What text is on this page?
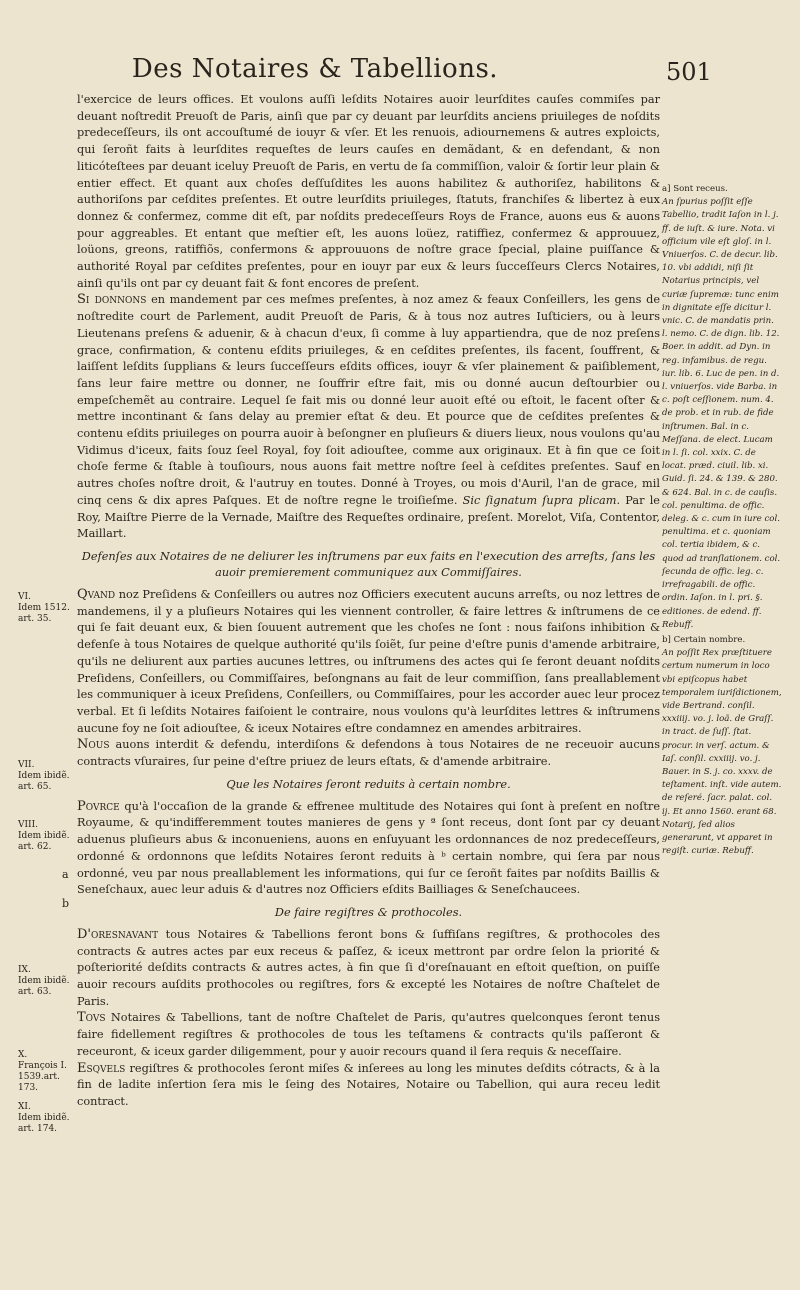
Des Notaires & Tabellions.	501

l'exercice de leurs offices. Et voulons auſſi leſdits Notaires auoir leurſdites cauſes commiſes par deuant noſtredit Preuoſt de Paris, ainſi que par cy deuant par leurſdits anciens priuileges de noſdits predeceſſeurs, ils ont accouſtumé de iouyr & vſer. Et les renuois, adiournemens & autres exploicts, qui ſeroñt faits à leurſdites requeſtes de leurs cauſes en demãdant, & en defendant, & non liticóteſtees par deuant iceluy Preuoſt de Paris, en vertu de ſa commiſſion, valoir & ſortir leur plain & entier effect. Et quant aux choſes deſſuſdites les auons habilitez & authoriſez, habilitons & authoriſons par ceſdites preſentes. Et outre leurſdits priuileges, ſtatuts, franchiſes & libertez à eux donnez & confermez, comme dit eſt, par noſdits predeceſſeurs Roys de France, auons eus & auons pour aggreables. Et entant que meſtier eſt, les auons loüez, ratiffiez, confermez & approuuez, loüons, greons, ratiffiõs, confermons & approuuons de noſtre grace ſpecial, plaine puiſſance & authorité Royal par ceſdites preſentes, pour en iouyr par eux & leurs ſucceſſeurs Clercs Notaires, ainſi qu'ils ont par cy deuant fait & font encores de preſent.

Si donnons en mandement par ces meſmes preſentes, à noz amez & feaux Conſeillers, les gens de noſtredite court de Parlement, audit Preuoſt de Paris, & à tous noz autres Iuſticiers, ou à leurs Lieutenans preſens & aduenir, & à chacun d'eux, ſi comme à luy appartiendra, que de noz preſens grace, confirmation, & contenu eſdits priuileges, & en ceſdites preſentes, ils facent, ſouffrent, & laiſſent leſdits ſupplians & leurs ſucceſſeurs eſdits offices, iouyr & vſer plainement & paiſiblement, ſans leur faire mettre ou donner, ne ſouffrir eſtre fait, mis ou donné aucun deſtourbier ou empeſchemẽt au contraire. Lequel ſe fait mis ou donné leur auoit eſté ou eſtoit, le facent oſter & mettre incontinant & ſans delay au premier eſtat & deu. Et pource que de ceſdites preſentes & contenu eſdits priuileges on pourra auoir à beſongner en pluſieurs & diuers lieux, nous voulons qu'au Vidimus d'iceux, faits ſouz ſeel Royal, foy ſoit adiouſtee, comme aux originaux. Et à fin que ce ſoit choſe ferme & ſtable à touſiours, nous auons fait mettre noſtre ſeel à ceſdites preſentes. Sauf en autres choſes noſtre droit, & l'autruy en toutes. Donné à Troyes, ou mois d'Auril, l'an de grace, mil cinq cens & dix apres Paſques. Et de noſtre regne le troiſieſme. Sic ſignatum ſupra plicam. Par le Roy, Maiſtre Pierre de la Vernade, Maiſtre des Requeſtes ordinaire, preſent. Morelot, Viſa, Contentor, Maillart.

Defenſes aux Notaires de ne deliurer les inſtrumens par eux faits en l'execution des arreſts, ſans les auoir premierement communiquez aux Commiſſaires.

Qvand noz Preſidens & Conſeillers ou autres noz Officiers executent aucuns arreſts, ou noz lettres de mandemens, il y a pluſieurs Notaires qui les viennent controller, & faire lettres & inſtrumens de ce qui ſe fait deuant eux, & bien ſouuent autrement que les choſes ne ſont : nous faiſons inhibition & defenſe à tous Notaires de quelque authorité qu'ils ſoiẽt, ſur peine d'eſtre punis d'amende arbitraire, qu'ils ne deliurent aux parties aucunes lettres, ou inſtrumens des actes qui ſe feront deuant noſdits Preſidens, Conſeillers, ou Commiſſaires, beſongnans au fait de leur commiſſion, ſans preallablement les communiquer à iceux Preſidens, Conſeillers, ou Commiſſaires, pour les accorder auec leur procez verbal. Et ſi leſdits Notaires faiſoient le contraire, nous voulons qu'à leurſdites lettres & inſtrumens aucune foy ne ſoit adiouſtee, & iceux Notaires eſtre condamnez en amendes arbitraires.

Nous auons interdit & defendu, interdiſons & defendons à tous Notaires de ne receuoir aucuns contracts vſuraires, ſur peine d'eſtre priuez de leurs eſtats, & d'amende arbitraire.

Que les Notaires ſeront reduits à certain nombre.

Povrce qu'à l'occaſion de la grande & effrenee multitude des Notaires qui ſont à preſent en noſtre Royaume, & qu'indifferemment toutes manieres de gens y ª ſont receus, dont ſont par cy deuant aduenus pluſieurs abus & inconueniens, auons en enſuyuant les ordonnances de noz predeceſſeurs, ordonné & ordonnons que leſdits Notaires ſeront reduits à ᵇ certain nombre, qui ſera par nous ordonné, veu par nous preallablement les informations, qui ſur ce ſeroñt faites par noſdits Baillis & Seneſchaux, auec leur aduis & d'autres noz Officiers eſdits Bailliages & Seneſchaucees.

De faire regiſtres & prothocoles.

D'oresnavant tous Notaires & Tabellions feront bons & ſuffiſans regiſtres, & prothocoles des contracts & autres actes par eux receus & paſſez, & iceux mettront par ordre ſelon la priorité & poſteriorité deſdits contracts & autres actes, à fin que ſi d'oreſnauant en eſtoit queſtion, on puiſſe auoir recours auſdits prothocoles ou regiſtres, fors & excepté les Notaires de noſtre Chaſtelet de Paris.

Tovs Notaires & Tabellions, tant de noſtre Chaſtelet de Paris, qu'autres quelconques ſeront tenus faire fidellement regiſtres & prothocoles de tous les teſtamens & contracts qu'ils paſſeront & receuront, & iceux garder diligemment, pour y auoir recours quand il ſera requis & neceſſaire.

Esqvels regiſtres & prothocoles ſeront miſes & inſerees au long les minutes deſdits cótracts, & à la fin de ladite inſertion ſera mis le ſeing des Notaires, Notaire ou Tabellion, qui aura receu ledit contract.

VI.
Idem 1512.
art. 35.
VII.
Idem ibidẽ.
art. 65.
VIII.
Idem ibidẽ.
art. 62.
IX.
Idem ibidẽ.
art. 63.
X.
François I.
1539.art. 173.
XI.
Idem ibidẽ.
art. 174.
a
b
a] Sont receus.
An ſpurius poſſit eſſe Tabellio, tradit Iaſon in l. j. ff. de iuſt. & iure. Nota. vi officium vile eſt gloſ. in l. Vniuerſos. C. de decur. lib. 10. vbi addidi, niſi ſit Notarius principis, vel curiæ ſupremæ: tunc enim in dignitate eſſe dicitur l. vnic. C. de mandatis prin. l. nemo. C. de dign. lib. 12. Boer. in addit. ad Dyn. in reg. infamibus. de regu. iur. lib. 6. Luc de pen. in d. l. vniuerſos. vide Barba. in c. poſt ceſſionem. num. 4. de prob. et in rub. de fide inſtrumen. Bal. in c. Meſſana. de elect. Lucam in l. ſi. col. xxix. C. de locat. præd. ciuil. lib. xi. Guid. ſi. 24. & 139. & 280. & 624. Bal. in c. de cauſis. col. penultima. de offic. deleg. & c. cum in iure col. penultima. et c. quoniam col. tertia ibidem, & c. quod ad tranſlationem. col. ſecunda de offic. leg. c. irrefragabili. de offic. ordin. Iaſon. in l. pri. §. editiones. de edend. ff. Rebuff.
b] Certain nombre.
An poſſit Rex præſtituere certum numerum in loco vbi epiſcopus habet temporalem iuriſdictionem, vide Bertrand. conſil. xxxiiij. vo. j. loã. de Graſſ. in tract. de ſuſſ. ſtat. procur. in verſ. actum. & Iaſ. conſil. cxxiiij. vo. j. Bauer. in S. j. co. xxxv. de teſtament. inſt. vide autem. de reſeré. ſacr. palat. col. ij. Et anno 1560. erant 68. Notarij, ſed alios generarunt, vt apparet in regiſt. curiæ. Rebuff.
